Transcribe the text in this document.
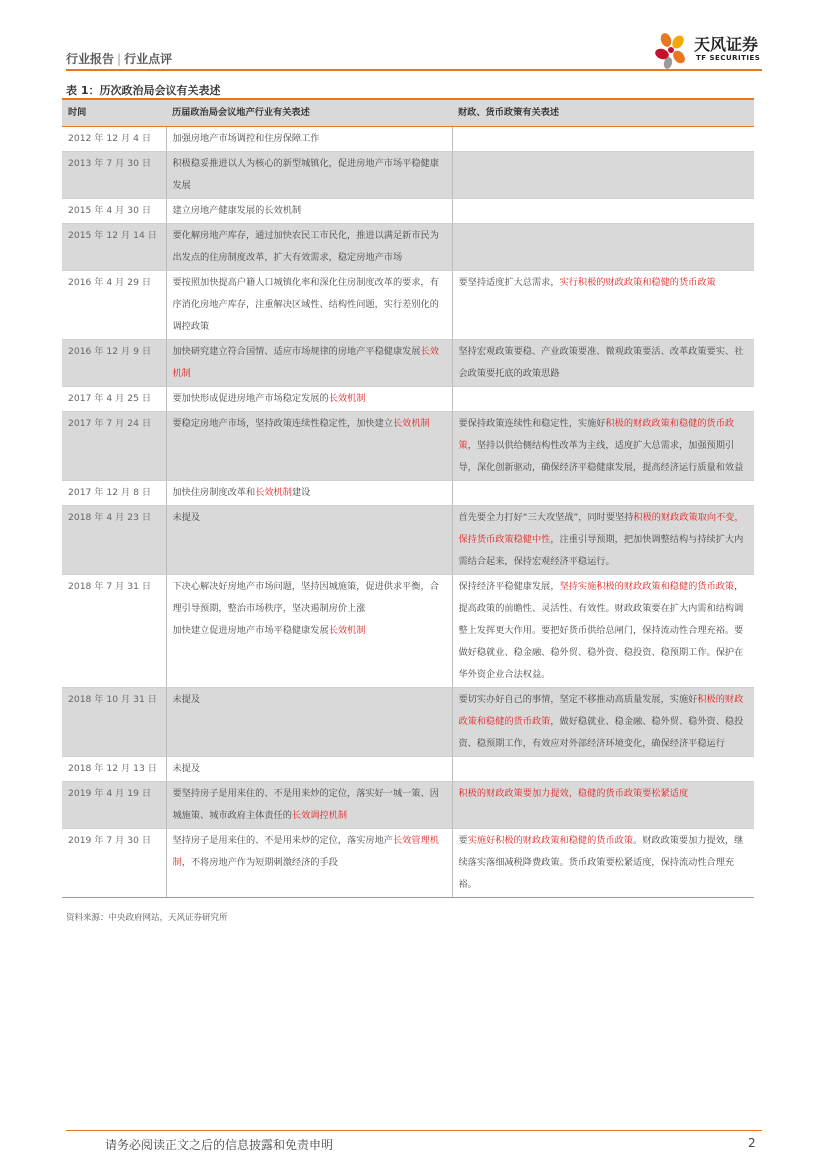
行业报告 | 行业点评
天风证券
TF SECURITIES
表 1：历次政治局会议有关表述
时间	历届政治局会议地产行业有关表述	财政、货币政策有关表述
2012 年 12 月 4 日	加强房地产市场调控和住房保障工作	
2013 年 7 月 30 日	积极稳妥推进以人为核心的新型城镇化，促进房地产市场平稳健康发展	
2015 年 4 月 30 日	建立房地产健康发展的长效机制	
2015 年 12 月 14 日	要化解房地产库存，通过加快农民工市民化，推进以满足新市民为出发点的住房制度改革，扩大有效需求，稳定房地产市场	
2016 年 4 月 29 日	要按照加快提高户籍人口城镇化率和深化住房制度改革的要求，有序消化房地产库存，注重解决区域性、结构性问题，实行差别化的调控政策	要坚持适度扩大总需求，实行积极的财政政策和稳健的货币政策
2016 年 12 月 9 日	加快研究建立符合国情、适应市场规律的房地产平稳健康发展长效机制	坚持宏观政策要稳、产业政策要准、微观政策要活、改革政策要实、社会政策要托底的政策思路
2017 年 4 月 25 日	要加快形成促进房地产市场稳定发展的长效机制	
2017 年 7 月 24 日	要稳定房地产市场，坚持政策连续性稳定性，加快建立长效机制	要保持政策连续性和稳定性，实施好积极的财政政策和稳健的货币政策，坚持以供给侧结构性改革为主线，适度扩大总需求，加强预期引导，深化创新驱动，确保经济平稳健康发展，提高经济运行质量和效益
2017 年 12 月 8 日	加快住房制度改革和长效机制建设	
2018 年 4 月 23 日	未提及	首先要全力打好“三大攻坚战”，同时要坚持积极的财政政策取向不变，保持货币政策稳健中性，注重引导预期，把加快调整结构与持续扩大内需结合起来，保持宏观经济平稳运行。
2018 年 7 月 31 日	下决心解决好房地产市场问题，坚持因城施策，促进供求平衡，合理引导预期，整治市场秩序，坚决遏制房价上涨
加快建立促进房地产市场平稳健康发展长效机制	保持经济平稳健康发展，坚持实施积极的财政政策和稳健的货币政策，提高政策的前瞻性、灵活性、有效性。财政政策要在扩大内需和结构调整上发挥更大作用。要把好货币供给总闸门，保持流动性合理充裕。要做好稳就业、稳金融、稳外贸、稳外资、稳投资、稳预期工作。保护在华外资企业合法权益。
2018 年 10 月 31 日	未提及	要切实办好自己的事情，坚定不移推动高质量发展，实施好积极的财政政策和稳健的货币政策，做好稳就业、稳金融、稳外贸、稳外资、稳投资、稳预期工作，有效应对外部经济环境变化，确保经济平稳运行
2018 年 12 月 13 日	未提及	
2019 年 4 月 19 日	要坚持房子是用来住的、不是用来炒的定位，落实好一城一策、因城施策、城市政府主体责任的长效调控机制	积极的财政政策要加力提效，稳健的货币政策要松紧适度
2019 年 7 月 30 日	坚持房子是用来住的、不是用来炒的定位，落实房地产长效管理机制，不将房地产作为短期刺激经济的手段	要实施好积极的财政政策和稳健的货币政策。财政政策要加力提效，继续落实落细减税降费政策。货币政策要松紧适度，保持流动性合理充裕。
资料来源：中央政府网站，天风证券研究所
请务必阅读正文之后的信息披露和免责申明	2
